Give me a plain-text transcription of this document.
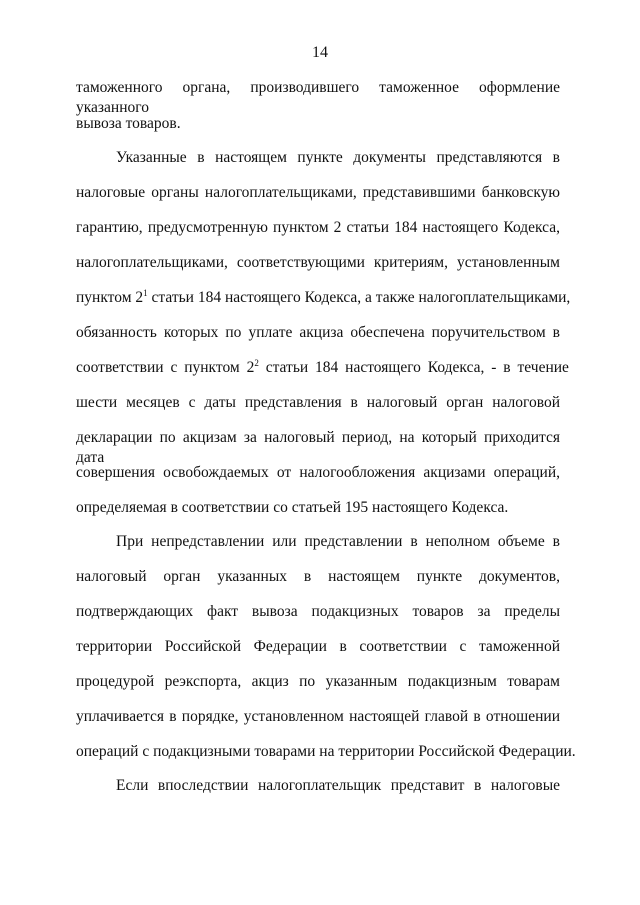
14
таможенного органа, производившего таможенное оформление указанного
вывоза товаров.
Указанные в настоящем пункте документы представляются в
налоговые органы налогоплательщиками, представившими банковскую
гарантию, предусмотренную пунктом 2 статьи 184 настоящего Кодекса,
налогоплательщиками, соответствующими критериям, установленным
пунктом $2^1$ статьи 184 настоящего Кодекса, а также налогоплательщиками,
обязанность которых по уплате акциза обеспечена поручительством в
соответствии с пунктом $2^2$ статьи 184 настоящего Кодекса, - в течение
шести месяцев с даты представления в налоговый орган налоговой
декларации по акцизам за налоговый период, на который приходится дата
совершения освобождаемых от налогообложения акцизами операций,
определяемая в соответствии со статьей 195 настоящего Кодекса.
При непредставлении или представлении в неполном объеме в
налоговый орган указанных в настоящем пункте документов,
подтверждающих факт вывоза подакцизных товаров за пределы
территории Российской Федерации в соответствии с таможенной
процедурой реэкспорта, акциз по указанным подакцизным товарам
уплачивается в порядке, установленном настоящей главой в отношении
операций с подакцизными товарами на территории Российской Федерации.
Если впоследствии налогоплательщик представит в налоговые
